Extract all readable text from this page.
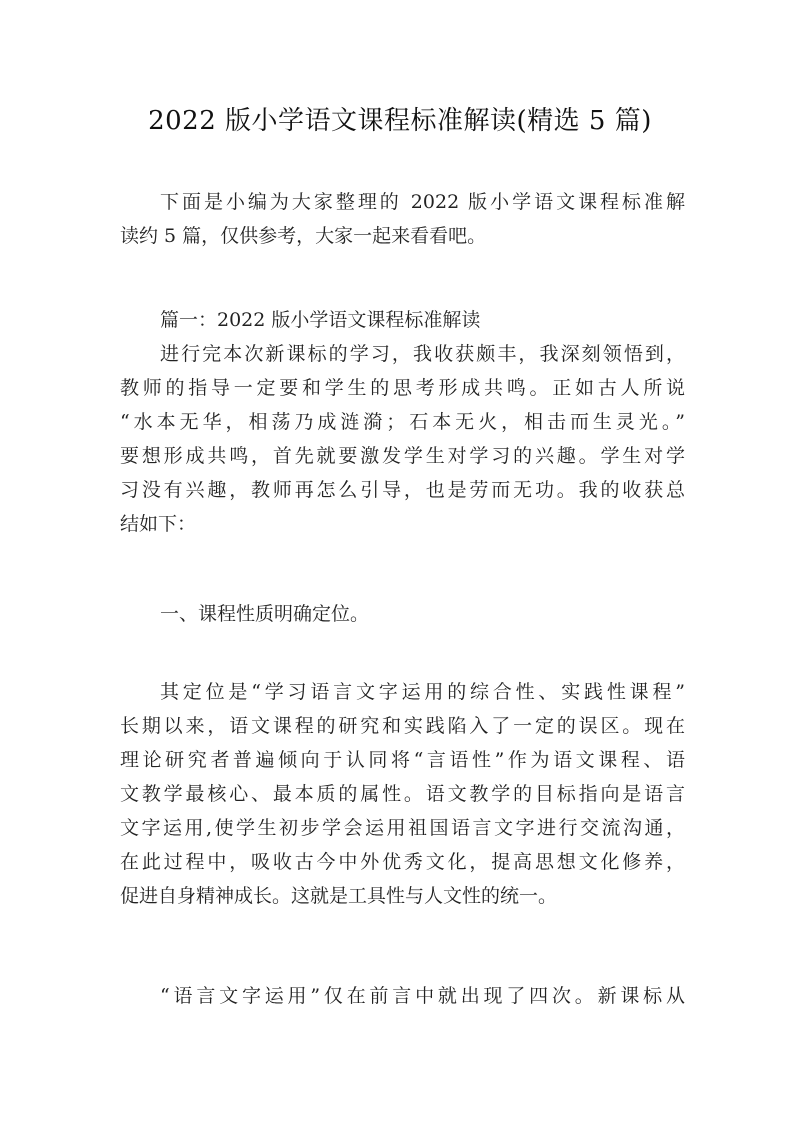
2022 版小学语文课程标准解读(精选 5 篇)
下面是小编为大家整理的 2022 版小学语文课程标准解
读约 5 篇，仅供参考，大家一起来看看吧。
篇一：2022 版小学语文课程标准解读
进行完本次新课标的学习，我收获颇丰，我深刻领悟到，
教师的指导一定要和学生的思考形成共鸣。正如古人所说
“水本无华，相荡乃成涟漪；石本无火，相击而生灵光。”
要想形成共鸣，首先就要激发学生对学习的兴趣。学生对学
习没有兴趣，教师再怎么引导，也是劳而无功。我的收获总
结如下：
一、课程性质明确定位。
其定位是“学习语言文字运用的综合性、实践性课程”
长期以来，语文课程的研究和实践陷入了一定的误区。现在
理论研究者普遍倾向于认同将“言语性”作为语文课程、语
文教学最核心、最本质的属性。语文教学的目标指向是语言
文字运用,使学生初步学会运用祖国语言文字进行交流沟通，
在此过程中，吸收古今中外优秀文化，提高思想文化修养，
促进自身精神成长。这就是工具性与人文性的统一。
“语言文字运用”仅在前言中就出现了四次。新课标从
